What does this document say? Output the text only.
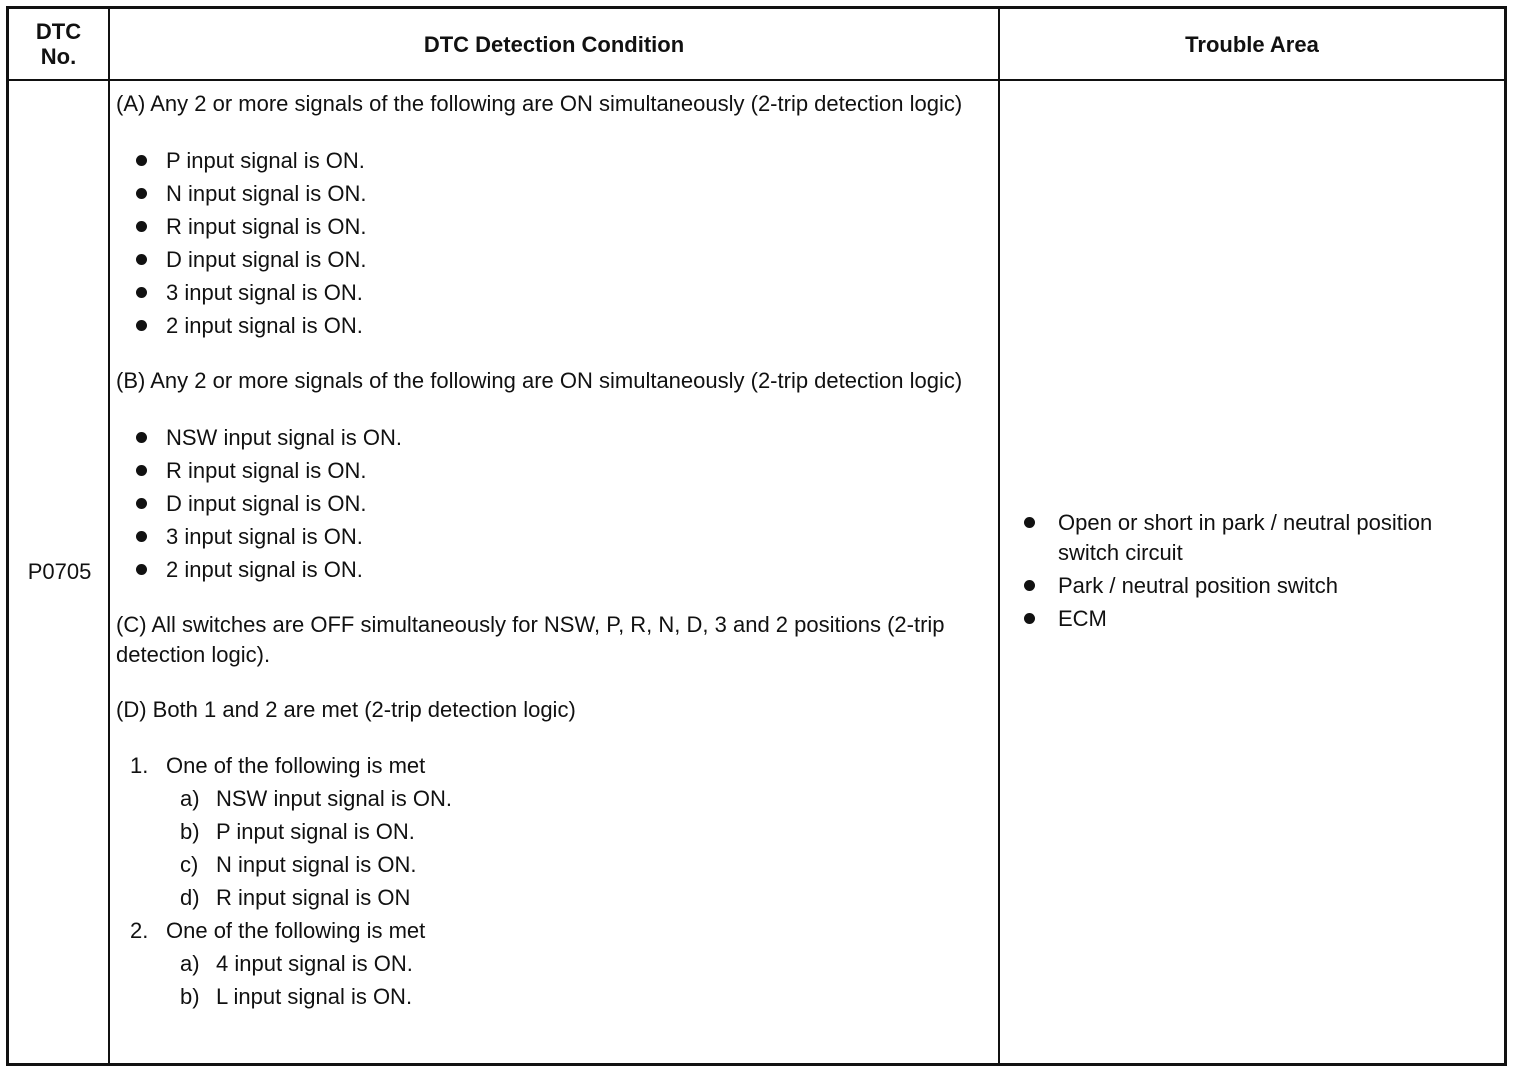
DTC
No.	DTC Detection Condition	Trouble Area
P0705

(A) Any 2 or more signals of the following are ON simultaneously (2-trip detection logic)

P input signal is ON.
N input signal is ON.
R input signal is ON.
D input signal is ON.
3 input signal is ON.
2 input signal is ON.

(B) Any 2 or more signals of the following are ON simultaneously (2-trip detection logic)

NSW input signal is ON.
R input signal is ON.
D input signal is ON.
3 input signal is ON.
2 input signal is ON.

(C) All switches are OFF simultaneously for NSW, P, R, N, D, 3 and 2 positions (2-trip detection logic).

(D) Both 1 and 2 are met (2-trip detection logic)

1. One of the following is met
a) NSW input signal is ON.
b) P input signal is ON.
c) N input signal is ON.
d) R input signal is ON
2. One of the following is met
a) 4 input signal is ON.
b) L input signal is ON.
Open or short in park / neutral position switch circuit
Park / neutral position switch
ECM
